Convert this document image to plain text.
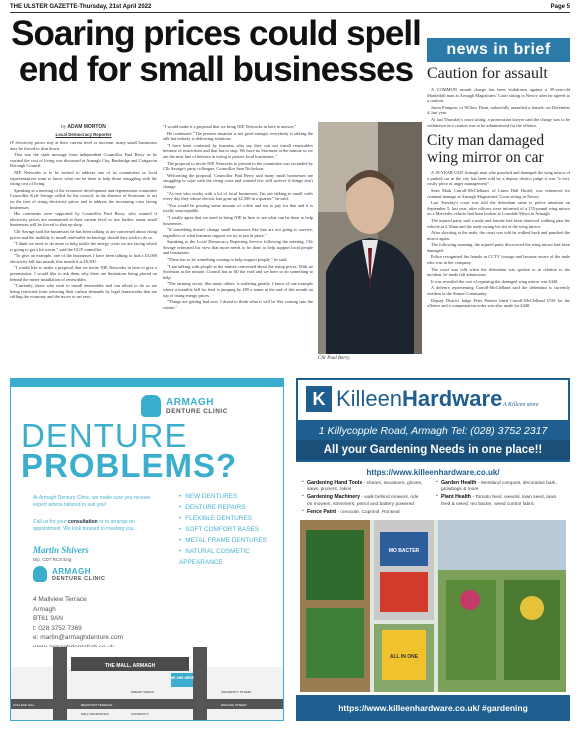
THE ULSTER GAZETTE-Thursday, 21st April 2022	Page 5
Soaring prices could spell end for small businesses
by ADAM MORTON
Local Democracy Reporter

IF electricity prices stay at their current level or increase, many small businesses may be forced to shut down.

That was the stark message from independent Councillor Paul Berry as he warned the cost of living was discussed at Armagh City, Banbridge and Craigavon Borough Council.

NIE Networks is to be invited to address one of its committees so local representatives want to know what can be done to help those struggling with the rising cost of living.

Speaking at a meeting of the economic development and regeneration committee Councillor Kyle Savage called for the council, in the absence of Stormont, to act on the face of rising electricity prices and to address the increasing costs facing businesses.

His comments were supported by Councillor Paul Berry, who warned if electricity prices are maintained at their current level or rise further, many small businesses will be forced to shut up shop.

Cllr Savage said the businesses he has been talking to are concerned about rising prices and the inability to install renewable technology should they wish to do so.

"I think we need to do more to help tackle the energy crisis we are facing which is going to get a lot worse," said the UUP councillor.

"To give an example, one of the businesses I have been talking to had a £3,000 electricity bill last month, this month it is £6,500.

"I would like to make a proposal that we invite NIE Networks in here to give a presentation. I would like to ask them why there are limitations being placed on behind the meter installation of renewables.

"Currently, those who wish to install renewables and can afford to do so are being restricted from reducing their carbon demands by legal frameworks that are stifling the economy and the move to net zero.

"I would make it a proposal that we bring NIE Networks in here to answer."

He continued: "The present situation is not good enough, everybody is talking the talk but nobody is delivering solutions.

"I have been contacted by business who say they can not install renewables because of restrictions and that has to stop. We have no Stormont at the minute so we are the next line of defence in trying to protect local businesses."

The proposal to invite NIE Networks to present to the committee was seconded by Cllr Savage's party colleague, Councillor Sam Nicholson.

Welcoming the proposal, Councillor Paul Berry said many small businesses are struggling to cope with the rising costs and warned few will survive if things don't change.

"As one who works with a lot of local businesses, I'm out talking to small cafés every day they whose electric has gone up £2,500 in a quarter," he said.

"You would be pouring some amount of coffee and tea to pay for that and it is totally unacceptable.

"I totally agree that we need to bring NIE in here to see what can be done to help businesses.

"If something doesn't change small businesses like that are not going to survive, regardless of what business support we try to put in place."

Speaking to the Local Democracy Reporting Service following the meeting, Cllr Savage reiterated his view that more needs to be done to help support local people and businesses.

"There has to be something coming to help support people," he said.

"I am talking with people at the minute concerned about the rising prices. With no Stormont at the minute, Council has to fill the void and we have to do something to help.

"The farming sector, like many others, is suffering greatly. I know of one example where a monthly bill for feed is jumping by £85 a tonne at the end of this month on top of rising energy prices.

"Things are getting bad now, I dread to think what it will be like coming into the winter."

Cllr Paul Berry.
news in brief
Caution for assault

A COMMON assault charge has been withdrawn against a 39-year-old Markethill man at Armagh Magistrates' Court sitting in Newry after he agreed to a caution.

Jason Pompon, of Willow Dean, unlawfully assaulted a female, on December 4, last year.

At last Thursday's court sitting, a prosecution lawyer said the charge was to be withdrawn as a caution was to be administered for the offence.

City man damaged wing mirror on car

A 18-YEAR-OLD Armagh man who punched and damaged the wing mirror of a parked car in the city has been told by a deputy district judge it was "a very costly piece of anger management".

Sean Mark Carroll-McClelland, of Linen Hall Hostel, was sentenced for criminal damage at Armagh Magistrates' Court sitting in Newry.

Last Tuesday's court was told the defendant came to police attention on September 5, last year, after officers were informed of a 155-pound wing mirror on a Mercedes vehicle had been broken at Lonsdale Mews in Armagh.

The injured party said a male and female had been observed walking past the vehicle at 2.30am and the male swung his fist at the wing mirror.

After shooting at the male, the court was told he walked back and punched the mirror again.

The following morning, the injured party discovered the wing mirror had been damaged.

Police recognised the female in CCTV footage and became aware of the male who was in her company.

The court was told when the defendant was spoken to in relation to the incident, he made full admissions.

It was revealed the cost of repairing the damaged wing mirror was £440.

A defence representing Carroll-McClelland said the defendant is currently resident in the Simon Community.

Deputy District Judge Peter Prenter fined Carroll-McClelland £150 for the offence and a compensation order was also made for £440.

ARMAGH
DENTURE CLINIC
DENTURE
PROBLEMS?
At Armagh Denture Clinic, we make sure you receive expert advice tailored to suit you!
Call us for your consultation or to arrange an appointment. We look forward to meeting you.
• NEW DENTURES
• DENTURE REPAIRS
• FLEXIBLE DENTURES
• SOFT COMFORT BASES
• METAL FRAME DENTURES
• NATURAL COSMETIC APPEARANCE
Martin Shivers
Dip. CDT RCS Eng
ARMAGH
DENTURE CLINIC
4 Mallview Terrace
Armagh
BT61 9AN
t: 028 3752 7369
e: martin@armaghdenture.com
THE MALL, ARMAGH
WE ARE HERE
COLLEGE HILL	BEAUFORT TERRACE	ENGLISH STREET
MALL PEDESTRIAN	UNIVERSITY
PRESBYTERIAN	UNIVERSITY STREET
K KilleenHardware A Killeen store
1 Killycopple Road, Armagh Tel: (028) 3752 2317
All your Gardening Needs in one place!!
https://www.killeenhardware.co.uk/
• Gardening Hand Tools - shears, secateurs, gloves, saws, pruners, rakes
• Gardening Machinery - walk behind mowers, ride on mowers, strimmers, petrol and battery powered
• Fence Paint - creocote, Cuprinol, Ronseal
• Garden Health - Westland compost, decorative bark, growbags & more
• Plant Health - Tomato feed, weedol, lawn seed, lawn feed & weed, mo bacter, weed control fabric
MO BACTER
ALL IN ONE
https://www.killeenhardware.co.uk/ #gardening
